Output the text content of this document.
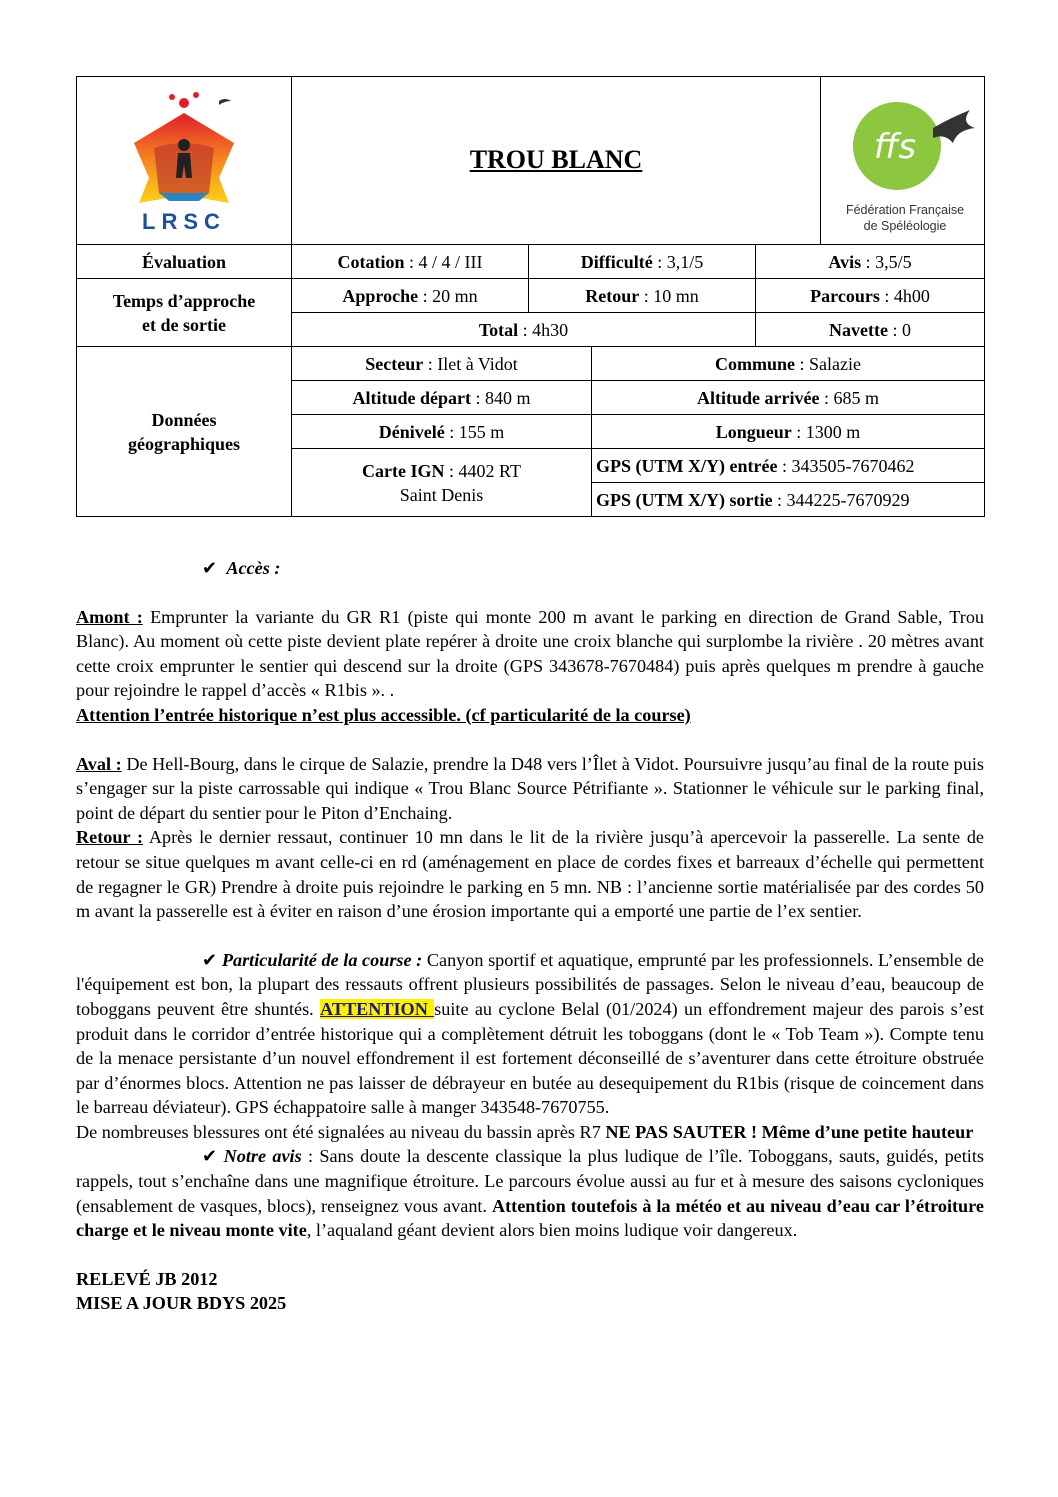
LRSC	TROU BLANC				ffs
Fédération Française
de Spéléologie

Évaluation	Cotation : 4 / 4 / III	Difficulté : 3,1/5		Avis : 3,5/5	
Temps d’approche
et de sortie	Approche : 20 mn	Retour : 10 mn		Parcours : 4h00	
	Total : 4h30			Navette : 0	
Données
géographiques	Secteur : Ilet à Vidot		Commune : Salazie		
	Altitude départ : 840 m		Altitude arrivée : 685 m		
	Dénivelé : 155 m		Longueur : 1300 m		
	Carte IGN : 4402 RT
Saint Denis		GPS (UTM X/Y) entrée : 343505-7670462		
			GPS (UTM X/Y) sortie : 344225-7670929		

✔ Accès :

Amont : Emprunter la variante du GR R1 (piste qui monte 200 m avant le parking en direction de Grand Sable, Trou Blanc). Au moment où cette piste devient plate repérer à droite une croix blanche qui surplombe la rivière . 20 mètres avant cette croix emprunter le sentier qui descend sur la droite (GPS 343678-7670484) puis après quelques m prendre à gauche pour rejoindre le rappel d’accès « R1bis ». .
Attention l’entrée historique n’est plus accessible. (cf particularité de la course)

Aval : De Hell-Bourg, dans le cirque de Salazie, prendre la D48 vers l’Îlet à Vidot. Poursuivre jusqu’au final de la route puis s’engager sur la piste carrossable qui indique « Trou Blanc Source Pétrifiante ». Stationner le véhicule sur le parking final, point de départ du sentier pour le Piton d’Enchaing.

Retour : Après le dernier ressaut, continuer 10 mn dans le lit de la rivière jusqu’à apercevoir la passerelle. La sente de retour se situe quelques m avant celle-ci en rd (aménagement en place de cordes fixes et barreaux d’échelle qui permettent de regagner le GR) Prendre à droite puis rejoindre le parking en 5 mn. NB : l’ancienne sortie matérialisée par des cordes 50 m avant la passerelle est à éviter en raison d’une érosion importante qui a emporté une partie de l’ex sentier.

✔ Particularité de la course : Canyon sportif et aquatique, emprunté par les professionnels. L’ensemble de l'équipement est bon, la plupart des ressauts offrent plusieurs possibilités de passages. Selon le niveau d’eau, beaucoup de toboggans peuvent être shuntés. ATTENTION suite au cyclone Belal (01/2024) un effondrement majeur des parois s’est produit dans le corridor d’entrée historique qui a complètement détruit les toboggans (dont le « Tob Team »). Compte tenu de la menace persistante d’un nouvel effondrement il est fortement déconseillé de s’aventurer dans cette étroiture obstruée par d’énormes blocs. Attention ne pas laisser de débrayeur en butée au desequipement du R1bis (risque de coincement dans le barreau déviateur). GPS échappatoire salle à manger 343548-7670755.

De nombreuses blessures ont été signalées au niveau du bassin après R7 NE PAS SAUTER ! Même d’une petite hauteur

✔ Notre avis : Sans doute la descente classique la plus ludique de l’île. Toboggans, sauts, guidés, petits rappels, tout s’enchaîne dans une magnifique étroiture. Le parcours évolue aussi au fur et à mesure des saisons cycloniques (ensablement de vasques, blocs), renseignez vous avant. Attention toutefois à la météo et au niveau d’eau car l’étroiture charge et le niveau monte vite, l’aqualand géant devient alors bien moins ludique voir dangereux.

RELEVÉ JB 2012

MISE A JOUR BDYS 2025
